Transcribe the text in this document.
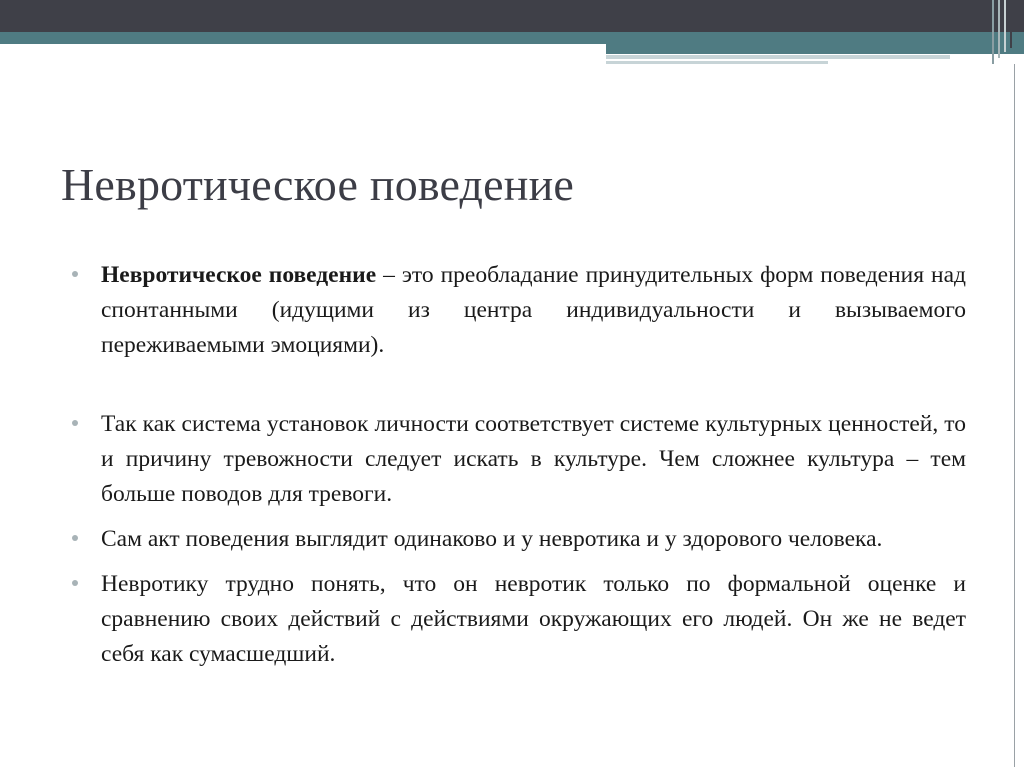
Невротическое поведение
Невротическое поведение – это преобладание принудительных форм поведения над спонтанными (идущими из центра индивидуальности и вызываемого переживаемыми эмоциями).
Так как система установок личности соответствует системе культурных ценностей, то и причину тревожности следует искать в культуре. Чем сложнее культура – тем больше поводов для тревоги.
Сам акт поведения выглядит одинаково и у невротика и у здорового человека.
Невротику трудно понять, что он невротик только по формальной оценке и сравнению своих действий с действиями окружающих его людей. Он же не ведет себя как сумасшедший.
